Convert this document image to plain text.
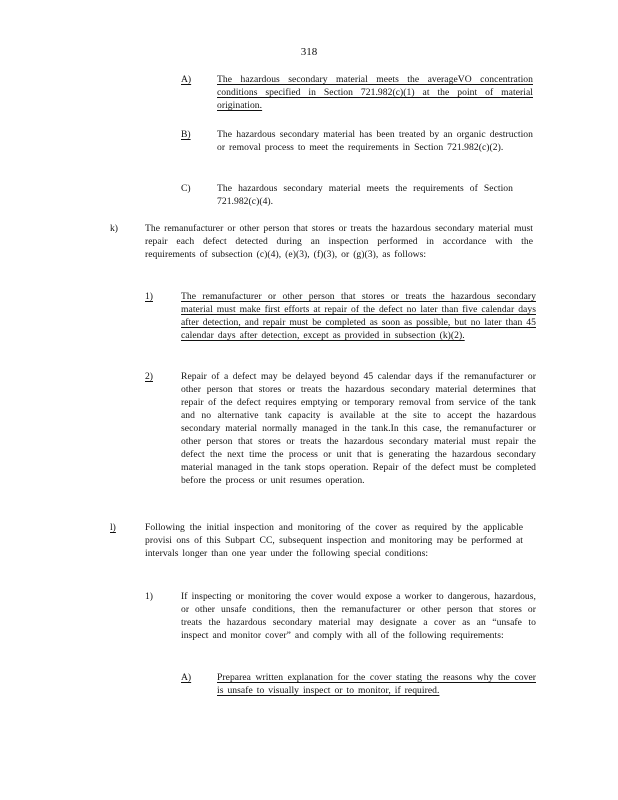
318
A)	The hazardous secondary material meets the averageVO concentration conditions specified in Section 721.982(c)(1) at the point of material origination.
B)	The hazardous secondary material has been treated by an organic destruction or removal process to meet the requirements in Section 721.982(c)(2).
C)	The hazardous secondary material meets the requirements of Section 721.982(c)(4).
k)	The remanufacturer or other person that stores or treats the hazardous secondary material must repair each defect detected during an inspection performed in accordance with the requirements of subsection (c)(4), (e)(3), (f)(3), or (g)(3), as follows:
1)	The remanufacturer or other person that stores or treats the hazardous secondary material must make first efforts at repair of the defect no later than five calendar days after detection, and repair must be completed as soon as possible, but no later than 45 calendar days after detection, except as provided in subsection (k)(2).
2)	Repair of a defect may be delayed beyond 45 calendar days if the remanufacturer or other person that stores or treats the hazardous secondary material determines that repair of the defect requires emptying or temporary removal from service of the tank and no alternative tank capacity is available at the site to accept the hazardous secondary material normally managed in the tank.In this case, the remanufacturer or other person that stores or treats the hazardous secondary material must repair the defect the next time the process or unit that is generating the hazardous secondary material managed in the tank stops operation. Repair of the defect must be completed before the process or unit resumes operation.
l)	Following the initial inspection and monitoring of the cover as required by the applicable provisi ons of this Subpart CC, subsequent inspection and monitoring may be performed at intervals longer than one year under the following special conditions:
1)	If inspecting or monitoring the cover would expose a worker to dangerous, hazardous, or other unsafe conditions, then the remanufacturer or other person that stores or treats the hazardous secondary material may designate a cover as an “unsafe to inspect and monitor cover” and comply with all of the following requirements:
A)	Preparea written explanation for the cover stating the reasons why the cover is unsafe to visually inspect or to monitor, if required.
